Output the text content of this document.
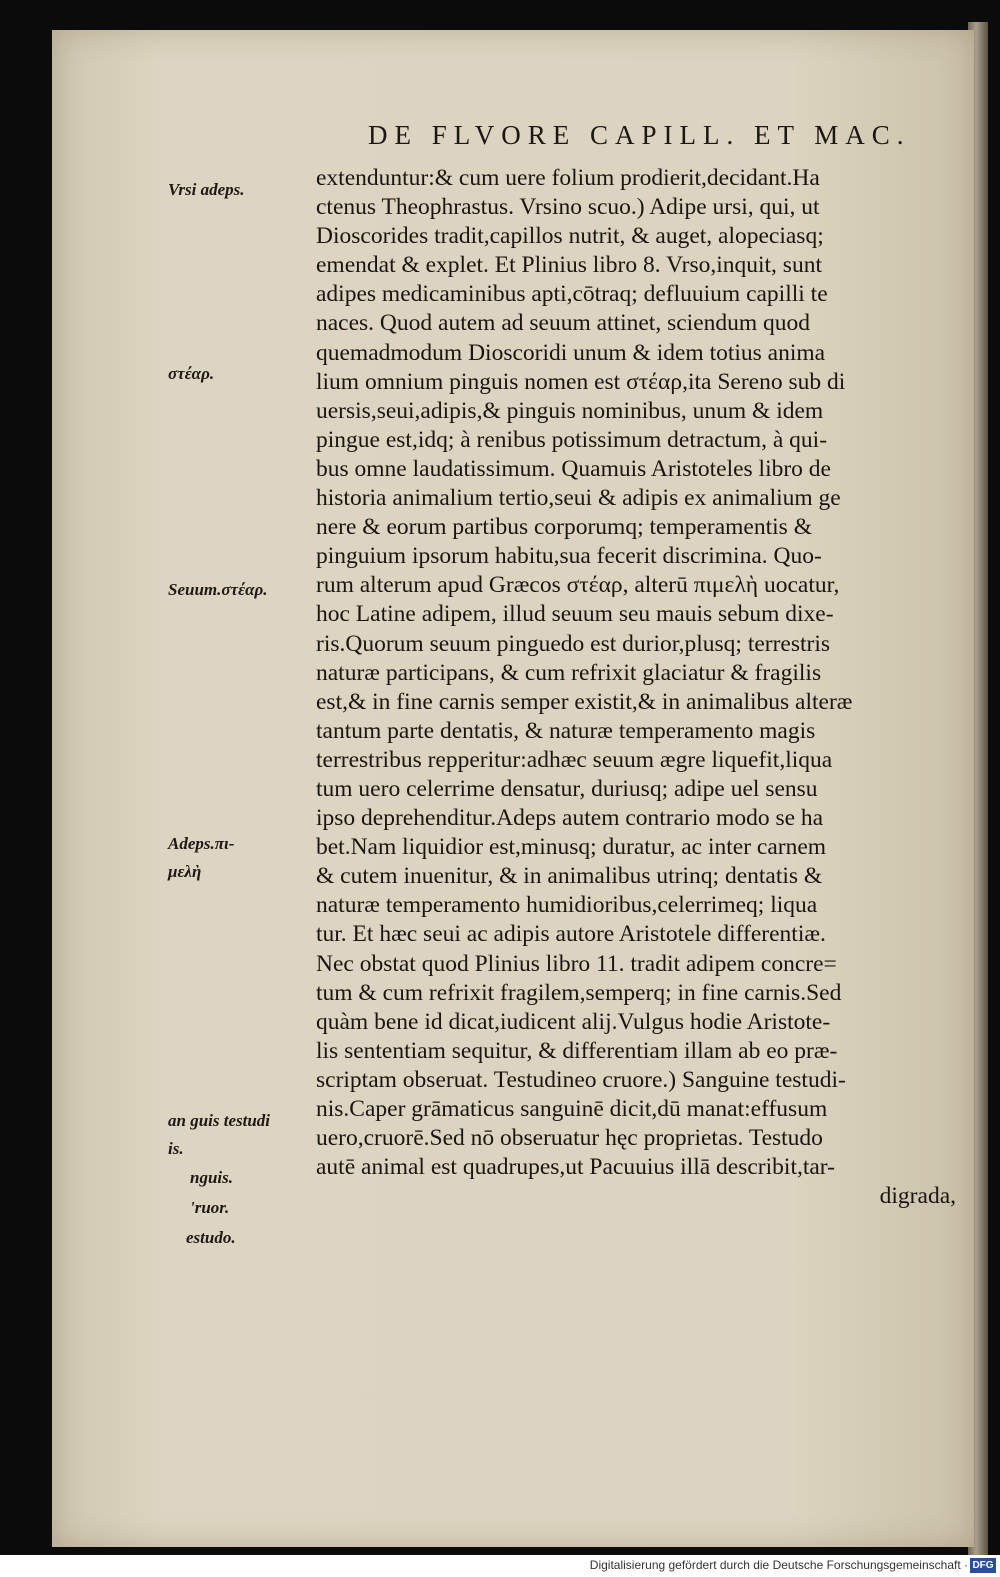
DE FLVORE CAPILL. ET MAC.
extenduntur:& cum uere folium prodierit,decidant.Ha
ctenus Theophrastus. Vrsino scuo.) Adipe ursi, qui, ut
Dioscorides tradit,capillos nutrit, & auget, alopeciasq;
emendat & explet. Et Plinius libro 8. Vrso,inquit, sunt
adipes medicaminibus apti,cōtraq; defluuium capilli te
naces. Quod autem ad seuum attinet, sciendum quod
quemadmodum Dioscoridi unum & idem totius anima
lium omnium pinguis nomen est στέαρ,ita Sereno sub di
uersis,seui,adipis,& pinguis nominibus, unum & idem
pingue est,idq; à renibus potissimum detractum, à qui-
bus omne laudatissimum. Quamuis Aristoteles libro de
historia animalium tertio,seui & adipis ex animalium ge
nere & eorum partibus corporumq; temperamentis &
pinguium ipsorum habitu,sua fecerit discrimina. Quo-
rum alterum apud Græcos στέαρ, alterū πιμελὴ uocatur,
hoc Latine adipem, illud seuum seu mauis sebum dixe-
ris.Quorum seuum pinguedo est durior,plusq; terrestris
naturæ participans, & cum refrixit glaciatur & fragilis
est,& in fine carnis semper existit,& in animalibus alteræ
tantum parte dentatis, & naturæ temperamento magis
terrestribus repperitur:adhæc seuum ægre liquefit,liqua
tum uero celerrime densatur, duriusq; adipe uel sensu
ipso deprehenditur.Adeps autem contrario modo se ha
bet.Nam liquidior est,minusq; duratur, ac inter carnem
& cutem inuenitur, & in animalibus utrinq; dentatis &
naturæ temperamento humidioribus,celerrimeq; liqua
tur. Et hæc seui ac adipis autore Aristotele differentiæ.
Nec obstat quod Plinius libro 11. tradit adipem concre=
tum & cum refrixit fragilem,semperq; in fine carnis.Sed
quàm bene id dicat,iudicent alij.Vulgus hodie Aristote-
lis sententiam sequitur, & differentiam illam ab eo præ-
scriptam obseruat. Testudineo cruore.) Sanguine testudi-
nis.Caper grāmaticus sanguinē dicit,dū manat:effusum
uero,cruorē.Sed nō obseruatur hęc proprietas. Testudo
autē animal est quadrupes,ut Pacuuius illā describit,tar-
digrada,
Vrsi adeps.
στέαρ.
Seuum.στέαρ.
Adeps.πι-
μελὴ
an guis testudi
is.
nguis.
'ruor.
estudo.
Digitalisierung gefördert durch die Deutsche Forschungsgemeinschaft · DFG
